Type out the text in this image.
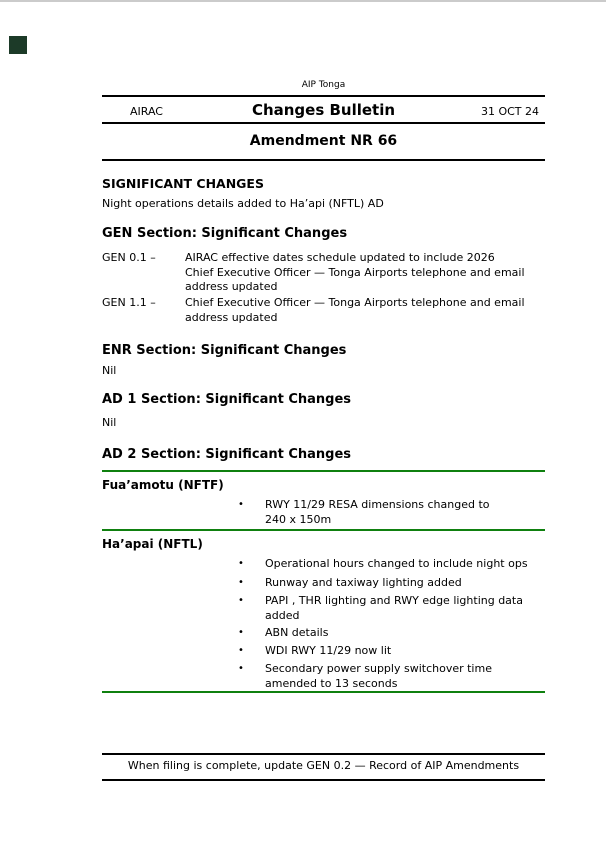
AIP Tonga
AIRAC	Changes Bulletin	31 OCT 24
Amendment NR 66
SIGNIFICANT CHANGES
Night operations details added to Ha’api (NFTL) AD
GEN Section: Significant Changes
GEN 0.1 –	AIRAC effective dates schedule updated to include 2026
Chief Executive Officer — Tonga Airports telephone and email
address updated
GEN 1.1 –	Chief Executive Officer — Tonga Airports telephone and email
address updated
ENR Section: Significant Changes
Nil
AD 1 Section: Significant Changes
Nil
AD 2 Section: Significant Changes
Fua’amotu (NFTF)
• RWY 11/29 RESA dimensions changed to
240 x 150m
Ha’apai (NFTL)
• Operational hours changed to include night ops
• Runway and taxiway lighting added
• PAPI , THR lighting and RWY edge lighting data
added
• ABN details
• WDI RWY 11/29 now lit
• Secondary power supply switchover time
amended to 13 seconds
When filing is complete, update GEN 0.2 — Record of AIP Amendments
